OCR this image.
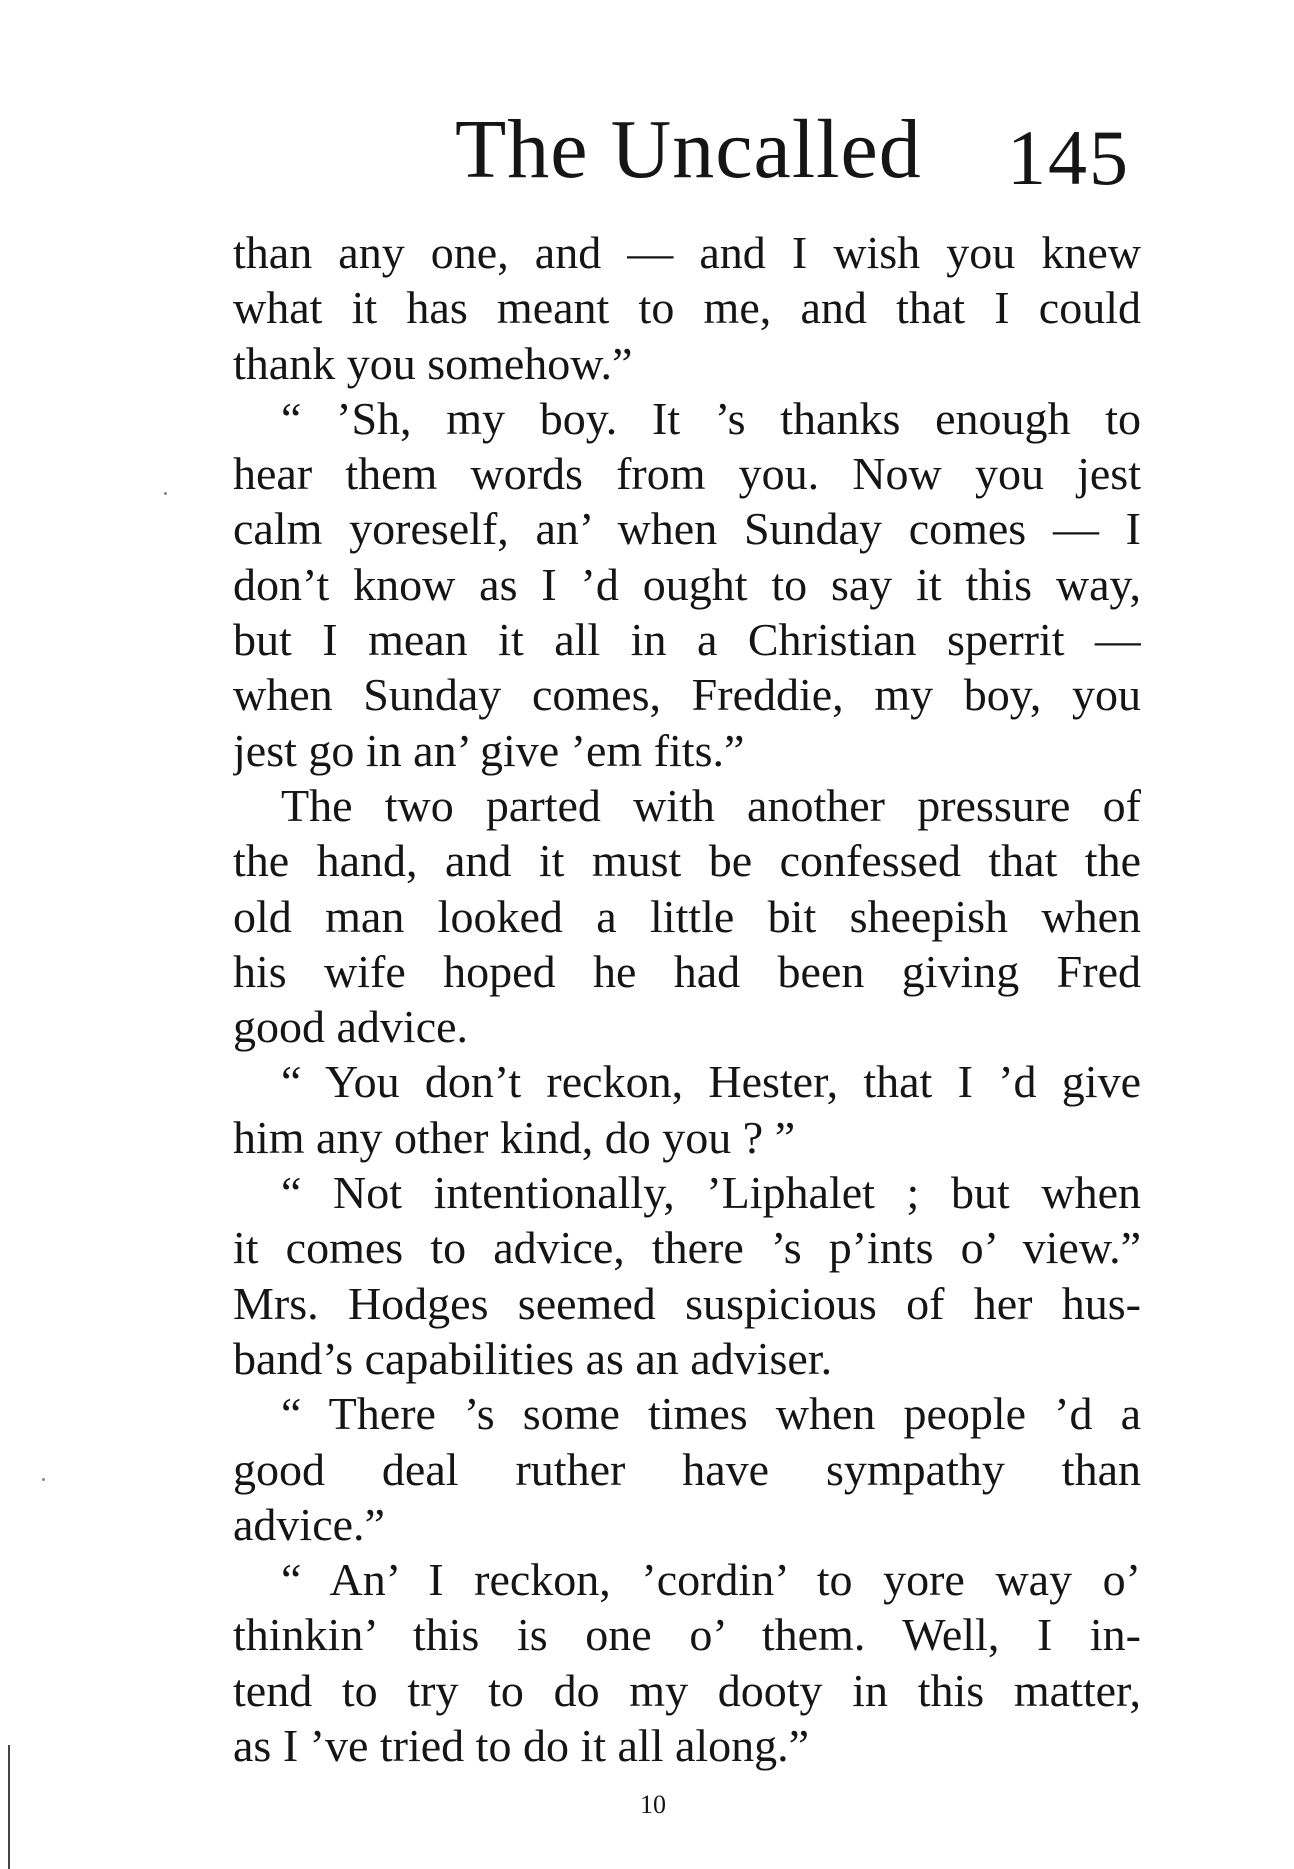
The Uncalled 145
than any one, and — and I wish you knew
what it has meant to me, and that I could
thank you somehow.”
“ ’Sh, my boy. It ’s thanks enough to
hear them words from you. Now you jest
calm yoreself, an’ when Sunday comes — I
don’t know as I ’d ought to say it this way,
but I mean it all in a Christian sperrit —
when Sunday comes, Freddie, my boy, you
jest go in an’ give ’em fits.”
The two parted with another pressure of
the hand, and it must be confessed that the
old man looked a little bit sheepish when
his wife hoped he had been giving Fred
good advice.
“ You don’t reckon, Hester, that I ’d give
him any other kind, do you ? ”
“ Not intentionally, ’Liphalet ; but when
it comes to advice, there ’s p’ints o’ view.”
Mrs. Hodges seemed suspicious of her hus-
band’s capabilities as an adviser.
“ There ’s some times when people ’d a
good deal ruther have sympathy than
advice.”
“ An’ I reckon, ’cordin’ to yore way o’
thinkin’ this is one o’ them. Well, I in-
tend to try to do my dooty in this matter,
as I ’ve tried to do it all along.”
10
